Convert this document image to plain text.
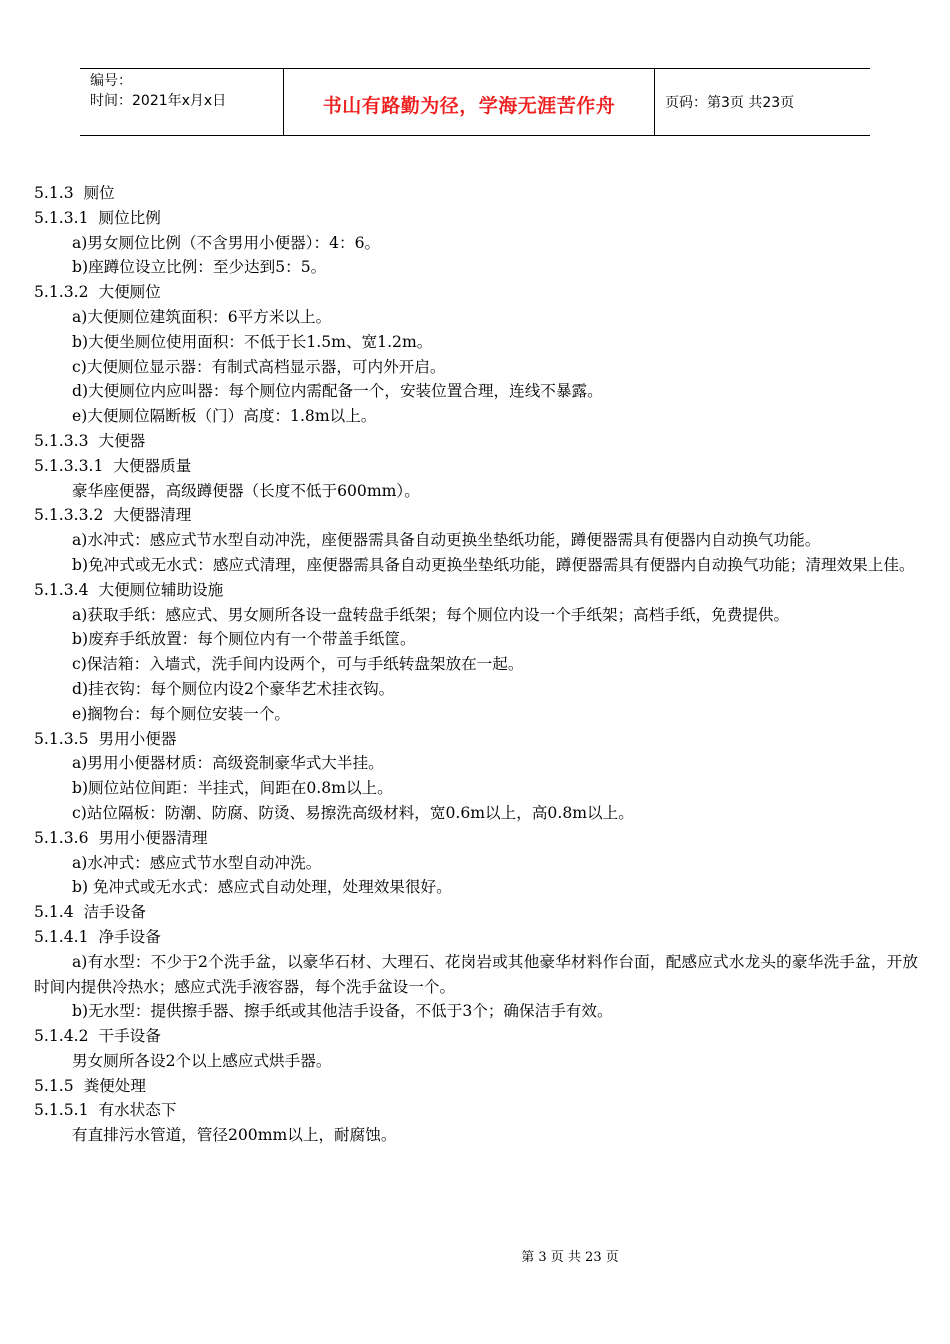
编号：
时间：2021年x月x日	书山有路勤为径，学海无涯苦作舟	页码：第3页 共23页
5.1.3  厕位
5.1.3.1  厕位比例
a)男女厕位比例（不含男用小便器）：4：6。
b)座蹲位设立比例：至少达到5：5。
5.1.3.2  大便厕位
a)大便厕位建筑面积：6平方米以上。
b)大便坐厕位使用面积：不低于长1.5m、宽1.2m。
c)大便厕位显示器：有制式高档显示器，可内外开启。
d)大便厕位内应叫器：每个厕位内需配备一个，安装位置合理，连线不暴露。
e)大便厕位隔断板（门）高度：1.8m以上。
5.1.3.3  大便器
5.1.3.3.1  大便器质量
豪华座便器，高级蹲便器（长度不低于600mm）。
5.1.3.3.2  大便器清理
a)水冲式：感应式节水型自动冲洗，座便器需具备自动更换坐垫纸功能，蹲便器需具有便器内自动换气功能。
b)免冲式或无水式：感应式清理，座便器需具备自动更换坐垫纸功能，蹲便器需具有便器内自动换气功能；清理效果上佳。
5.1.3.4  大便厕位辅助设施
a)获取手纸：感应式、男女厕所各设一盘转盘手纸架；每个厕位内设一个手纸架；高档手纸，免费提供。
b)废弃手纸放置：每个厕位内有一个带盖手纸筐。
c)保洁箱：入墙式，洗手间内设两个，可与手纸转盘架放在一起。
d)挂衣钩：每个厕位内设2个豪华艺术挂衣钩。
e)搁物台：每个厕位安装一个。
5.1.3.5  男用小便器
a)男用小便器材质：高级瓷制豪华式大半挂。
b)厕位站位间距：半挂式，间距在0.8m以上。
c)站位隔板：防潮、防腐、防烫、易擦洗高级材料，宽0.6m以上，高0.8m以上。
5.1.3.6  男用小便器清理
a)水冲式：感应式节水型自动冲洗。
b) 免冲式或无水式：感应式自动处理，处理效果很好。
5.1.4  洁手设备
5.1.4.1  净手设备
a)有水型：不少于2个洗手盆，以豪华石材、大理石、花岗岩或其他豪华材料作台面，配感应式水龙头的豪华洗手盆，开放时间内提供冷热水；感应式洗手液容器，每个洗手盆设一个。
b)无水型：提供擦手器、擦手纸或其他洁手设备，不低于3个；确保洁手有效。
5.1.4.2  干手设备
男女厕所各设2个以上感应式烘手器。
5.1.5  粪便处理
5.1.5.1  有水状态下
有直排污水管道，管径200mm以上，耐腐蚀。
第 3 页 共 23 页
